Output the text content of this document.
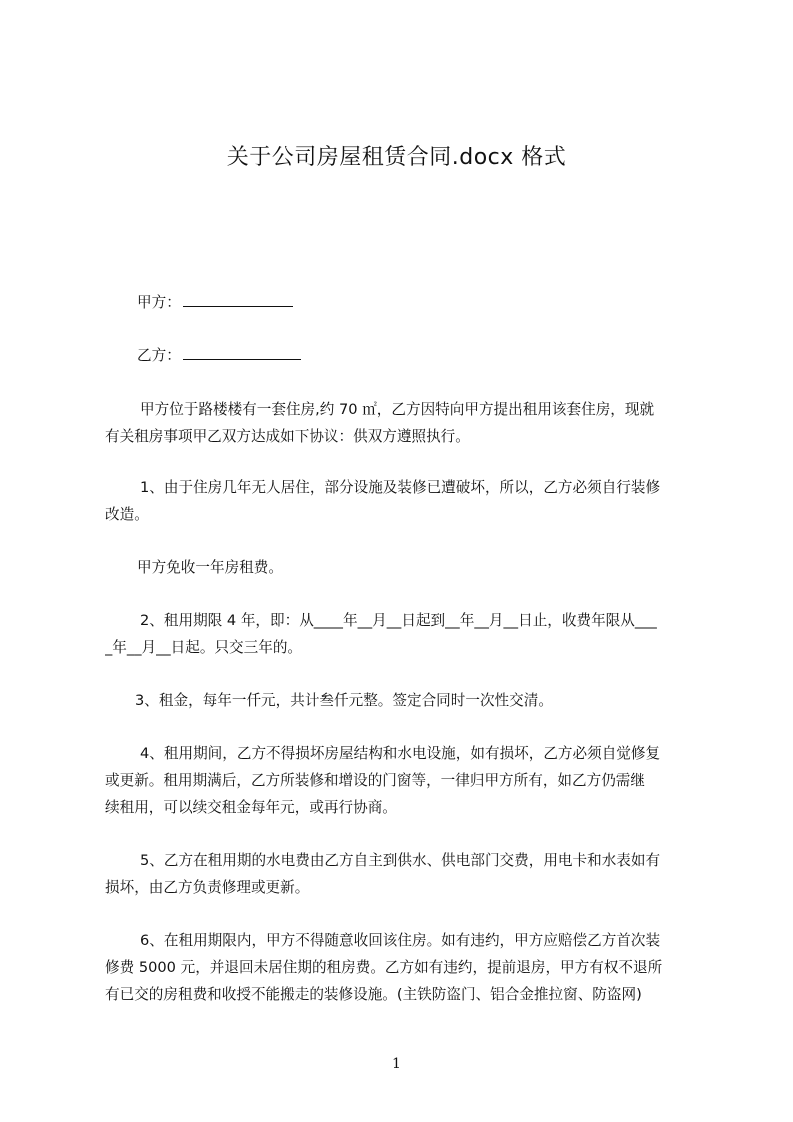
关于公司房屋租赁合同.docx 格式
甲方：
乙方：
甲方位于路楼楼有一套住房,约 70 ㎡，乙方因特向甲方提出租用该套住房，现就
有关租房事项甲乙双方达成如下协议：供双方遵照执行。
1、由于住房几年无人居住，部分设施及装修已遭破坏，所以，乙方必须自行装修
改造。
甲方免收一年房租费。
2、租用期限 4 年，即：从____年__月__日起到__年__月__日止，收费年限从___
_年__月__日起。只交三年的。
3、租金，每年一仟元，共计叁仟元整。签定合同时一次性交清。
4、租用期间，乙方不得损坏房屋结构和水电设施，如有损坏，乙方必须自觉修复
或更新。租用期满后，乙方所装修和增设的门窗等，一律归甲方所有，如乙方仍需继
续租用，可以续交租金每年元，或再行协商。
5、乙方在租用期的水电费由乙方自主到供水、供电部门交费，用电卡和水表如有
损坏，由乙方负责修理或更新。
6、在租用期限内，甲方不得随意收回该住房。如有违约，甲方应赔偿乙方首次装
修费 5000 元，并退回未居住期的租房费。乙方如有违约，提前退房，甲方有权不退所
有已交的房租费和收授不能搬走的装修设施。(主铁防盗门、铝合金推拉窗、防盗网)
1
